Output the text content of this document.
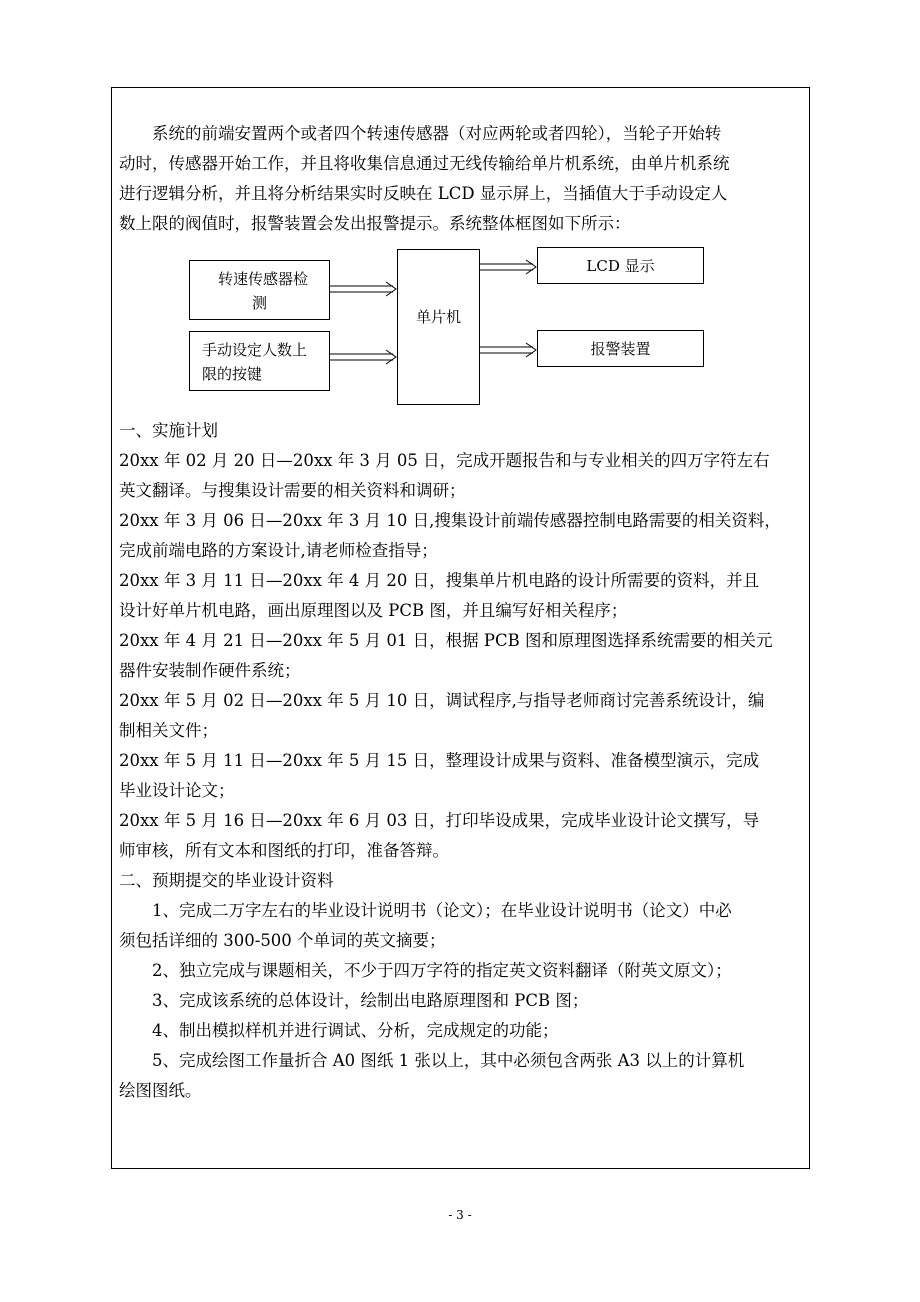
系统的前端安置两个或者四个转速传感器（对应两轮或者四轮），当轮子开始转

动时，传感器开始工作，并且将收集信息通过无线传输给单片机系统，由单片机系统

进行逻辑分析，并且将分析结果实时反映在 LCD 显示屏上，当插值大于手动设定人

数上限的阀值时，报警装置会发出报警提示。系统整体框图如下所示：

转速传感器检
测
手动设定人数上
限的按键
单片机
LCD 显示
报警装置

一、实施计划

20xx 年 02 月 20 日—20xx 年 3 月 05 日，完成开题报告和与专业相关的四万字符左右

英文翻译。与搜集设计需要的相关资料和调研；

20xx 年 3 月 06 日—20xx 年 3 月 10 日,搜集设计前端传感器控制电路需要的相关资料，

完成前端电路的方案设计,请老师检查指导；

20xx 年 3 月 11 日—20xx 年 4 月 20 日，搜集单片机电路的设计所需要的资料，并且

设计好单片机电路，画出原理图以及 PCB 图，并且编写好相关程序；

20xx 年 4 月 21 日—20xx 年 5 月 01 日，根据 PCB 图和原理图选择系统需要的相关元

器件安装制作硬件系统；

20xx 年 5 月 02 日—20xx 年 5 月 10 日，调试程序,与指导老师商讨完善系统设计，编

制相关文件；

20xx 年 5 月 11 日—20xx 年 5 月 15 日，整理设计成果与资料、准备模型演示，完成

毕业设计论文；

20xx 年 5 月 16 日—20xx 年 6 月 03 日，打印毕设成果，完成毕业设计论文撰写，导

师审核，所有文本和图纸的打印，准备答辩。

二、预期提交的毕业设计资料

1、完成二万字左右的毕业设计说明书（论文）；在毕业设计说明书（论文）中必

须包括详细的 300-500 个单词的英文摘要；

2、独立完成与课题相关，不少于四万字符的指定英文资料翻译（附英文原文）；

3、完成该系统的总体设计，绘制出电路原理图和 PCB 图；

4、制出模拟样机并进行调试、分析，完成规定的功能；

5、完成绘图工作量折合 A0 图纸 1 张以上，其中必须包含两张 A3 以上的计算机

绘图图纸。

- 3 -
